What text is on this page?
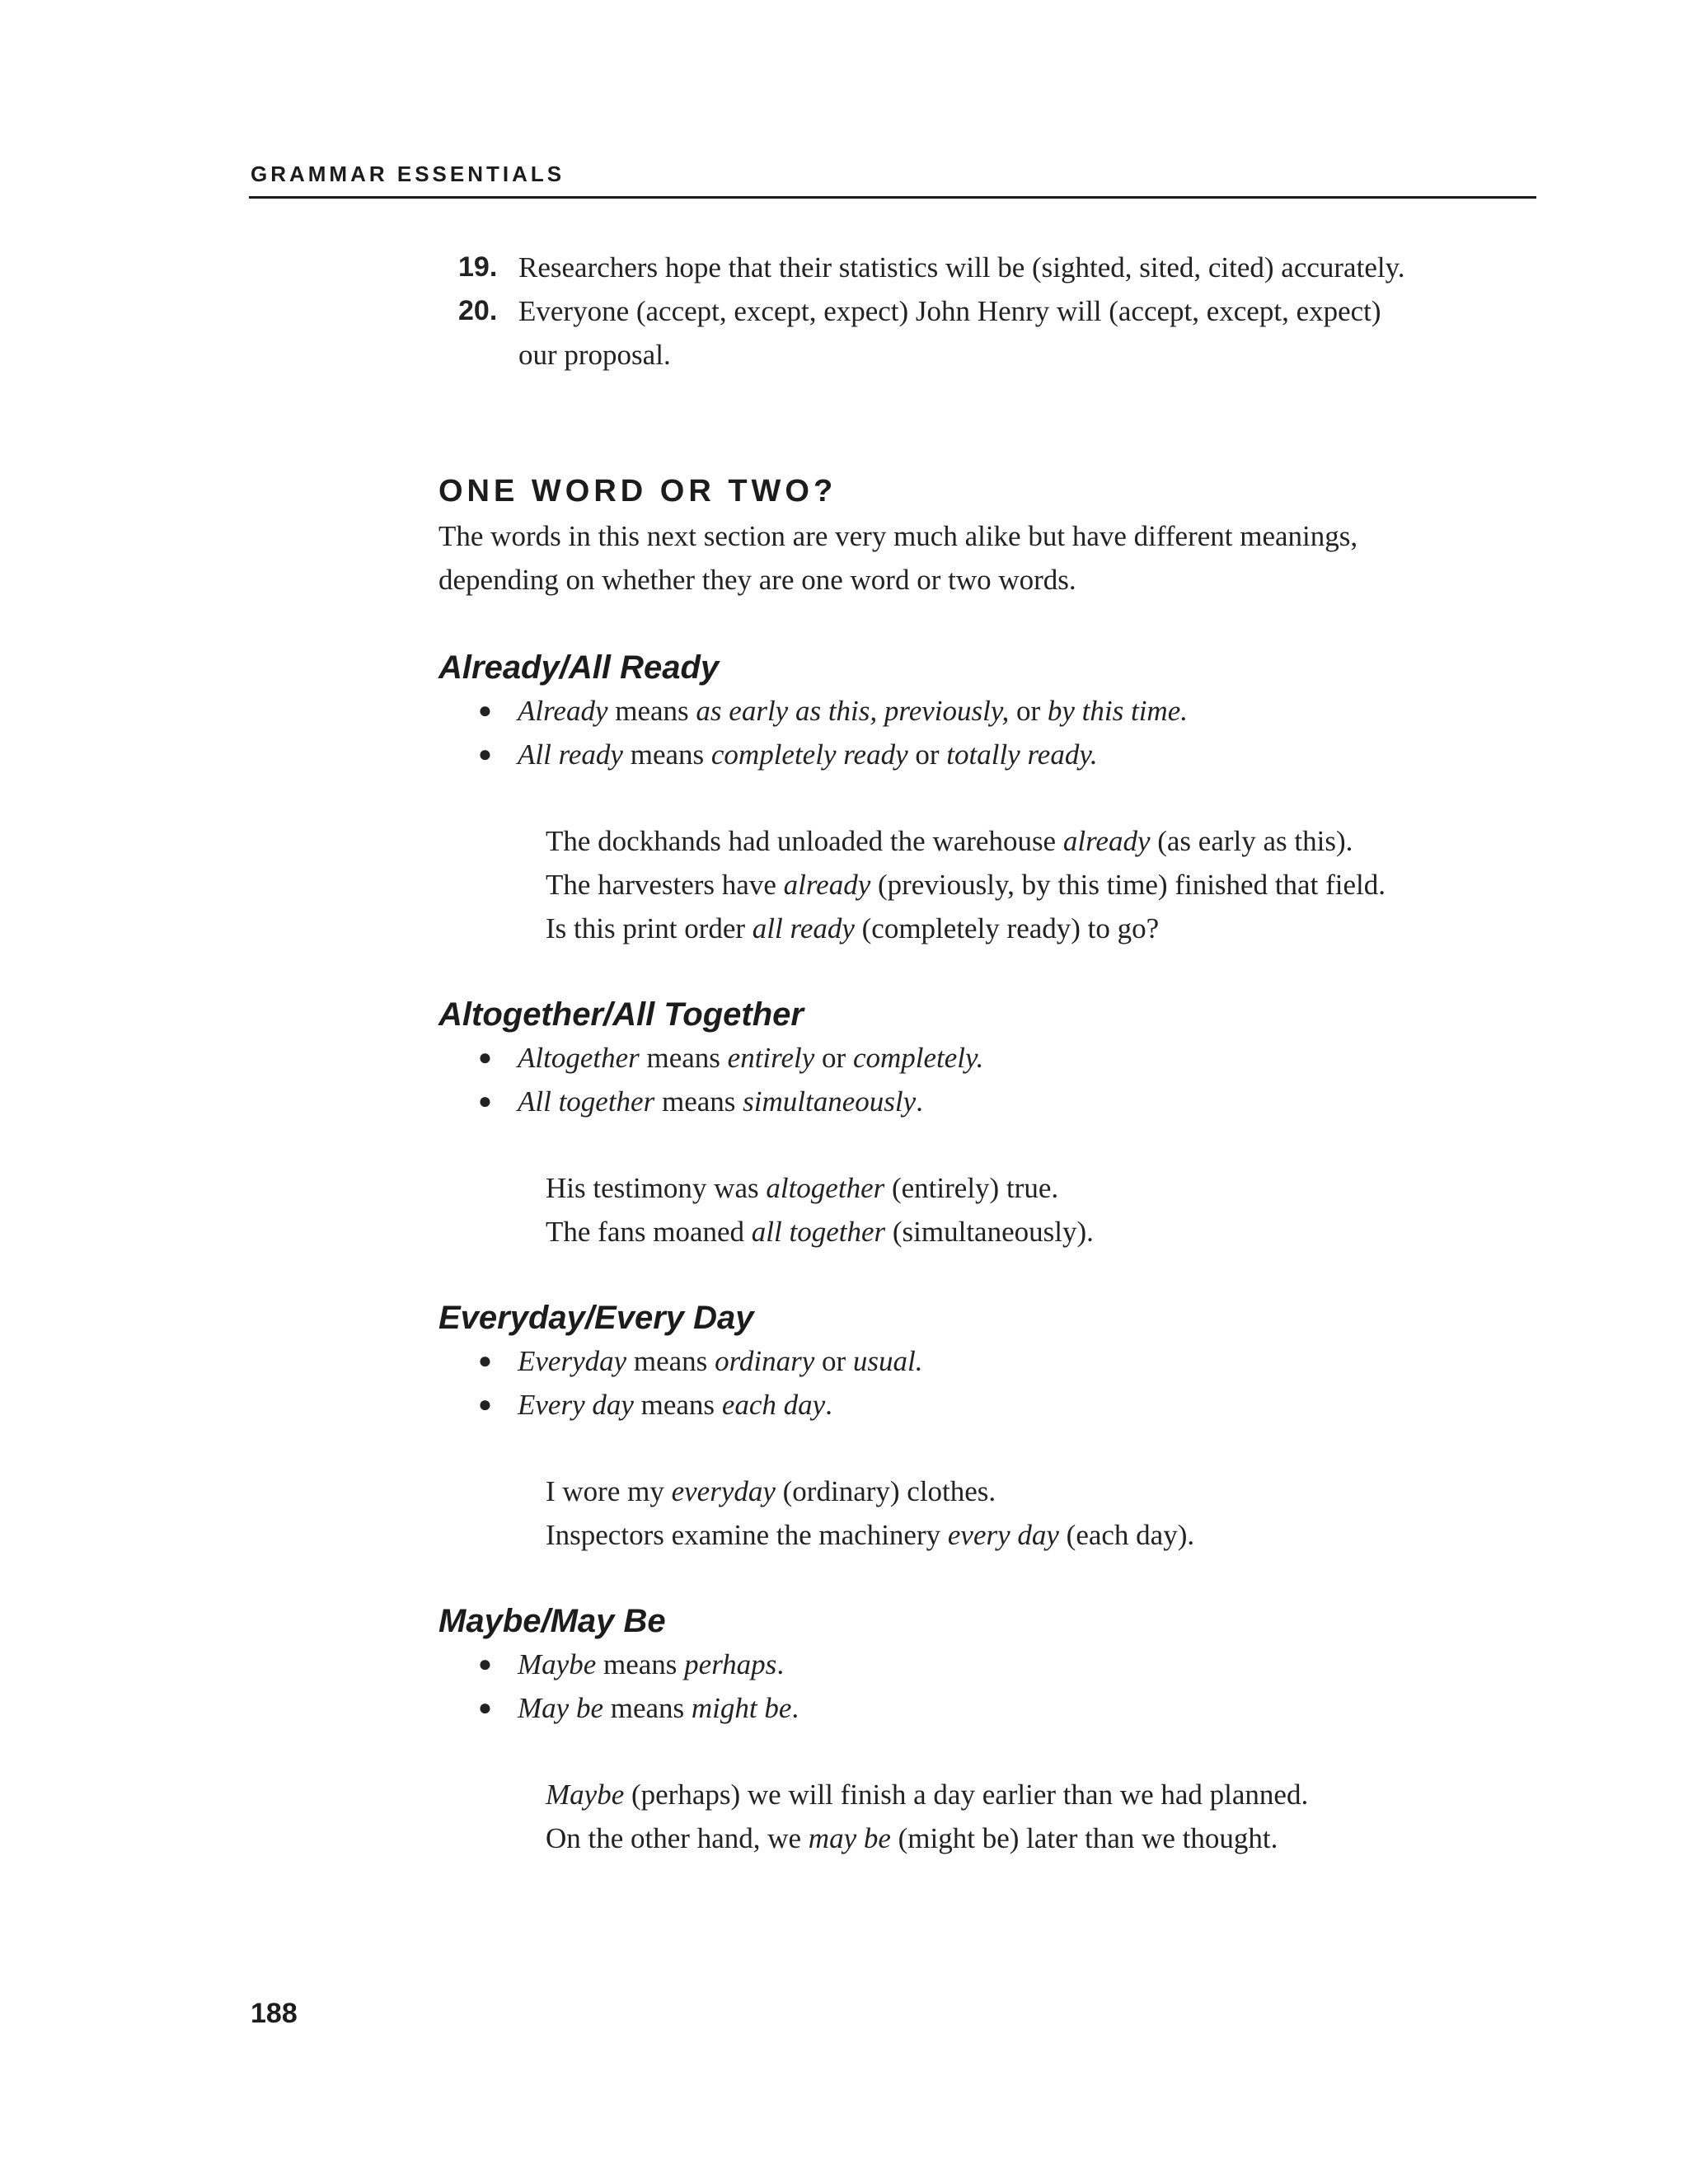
GRAMMAR ESSENTIALS
19. Researchers hope that their statistics will be (sighted, sited, cited) accurately.
20. Everyone (accept, except, expect) John Henry will (accept, except, expect) our proposal.
ONE WORD OR TWO?

The words in this next section are very much alike but have different meanings, depending on whether they are one word or two words.

Already/All Ready
● Already means as early as this, previously, or by this time.
● All ready means completely ready or totally ready.
The dockhands had unloaded the warehouse already (as early as this).
The harvesters have already (previously, by this time) finished that field.
Is this print order all ready (completely ready) to go?
Altogether/All Together
● Altogether means entirely or completely.
● All together means simultaneously.
His testimony was altogether (entirely) true.
The fans moaned all together (simultaneously).
Everyday/Every Day
● Everyday means ordinary or usual.
● Every day means each day.
I wore my everyday (ordinary) clothes.
Inspectors examine the machinery every day (each day).
Maybe/May Be
● Maybe means perhaps.
● May be means might be.
Maybe (perhaps) we will finish a day earlier than we had planned.
On the other hand, we may be (might be) later than we thought.
188
